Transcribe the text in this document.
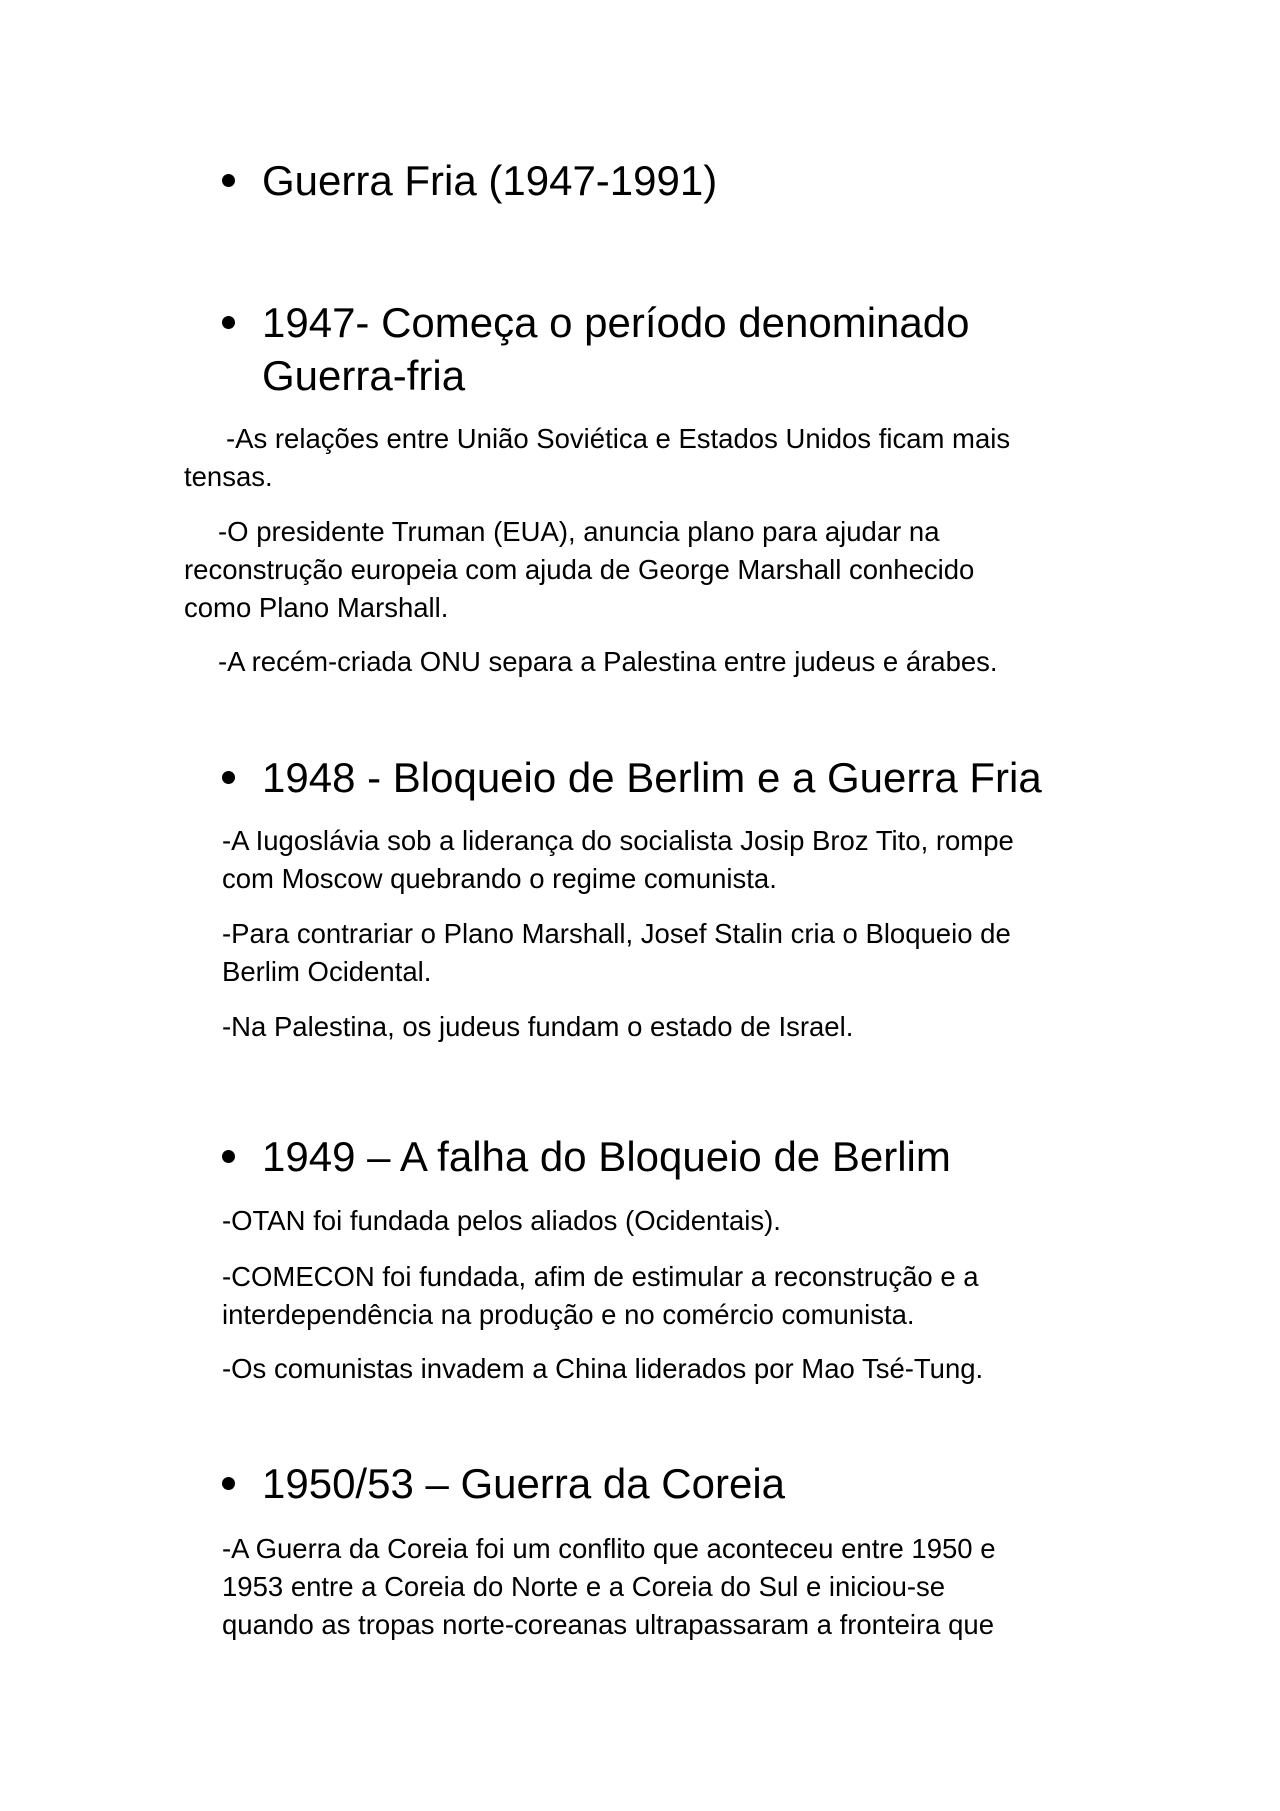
Guerra Fria (1947-1991)
1947- Começa o período denominado
Guerra-fria

-As relações entre União Soviética e Estados Unidos ficam mais
tensas.

-O presidente Truman (EUA), anuncia plano para ajudar na
reconstrução europeia com ajuda de George Marshall conhecido
como Plano Marshall.

-A recém-criada ONU separa a Palestina entre judeus e árabes.

1948 - Bloqueio de Berlim e a Guerra Fria

-A Iugoslávia sob a liderança do socialista Josip Broz Tito, rompe
com Moscow quebrando o regime comunista.

-Para contrariar o Plano Marshall, Josef Stalin cria o Bloqueio de
Berlim Ocidental.

-Na Palestina, os judeus fundam o estado de Israel.

1949 – A falha do Bloqueio de Berlim

-OTAN foi fundada pelos aliados (Ocidentais).

-COMECON foi fundada, afim de estimular a reconstrução e a
interdependência na produção e no comércio comunista.

-Os comunistas invadem a China liderados por Mao Tsé-Tung.

1950/53 – Guerra da Coreia

-A Guerra da Coreia foi um conflito que aconteceu entre 1950 e
1953 entre a Coreia do Norte e a Coreia do Sul e iniciou-se
quando as tropas norte-coreanas ultrapassaram a fronteira que
